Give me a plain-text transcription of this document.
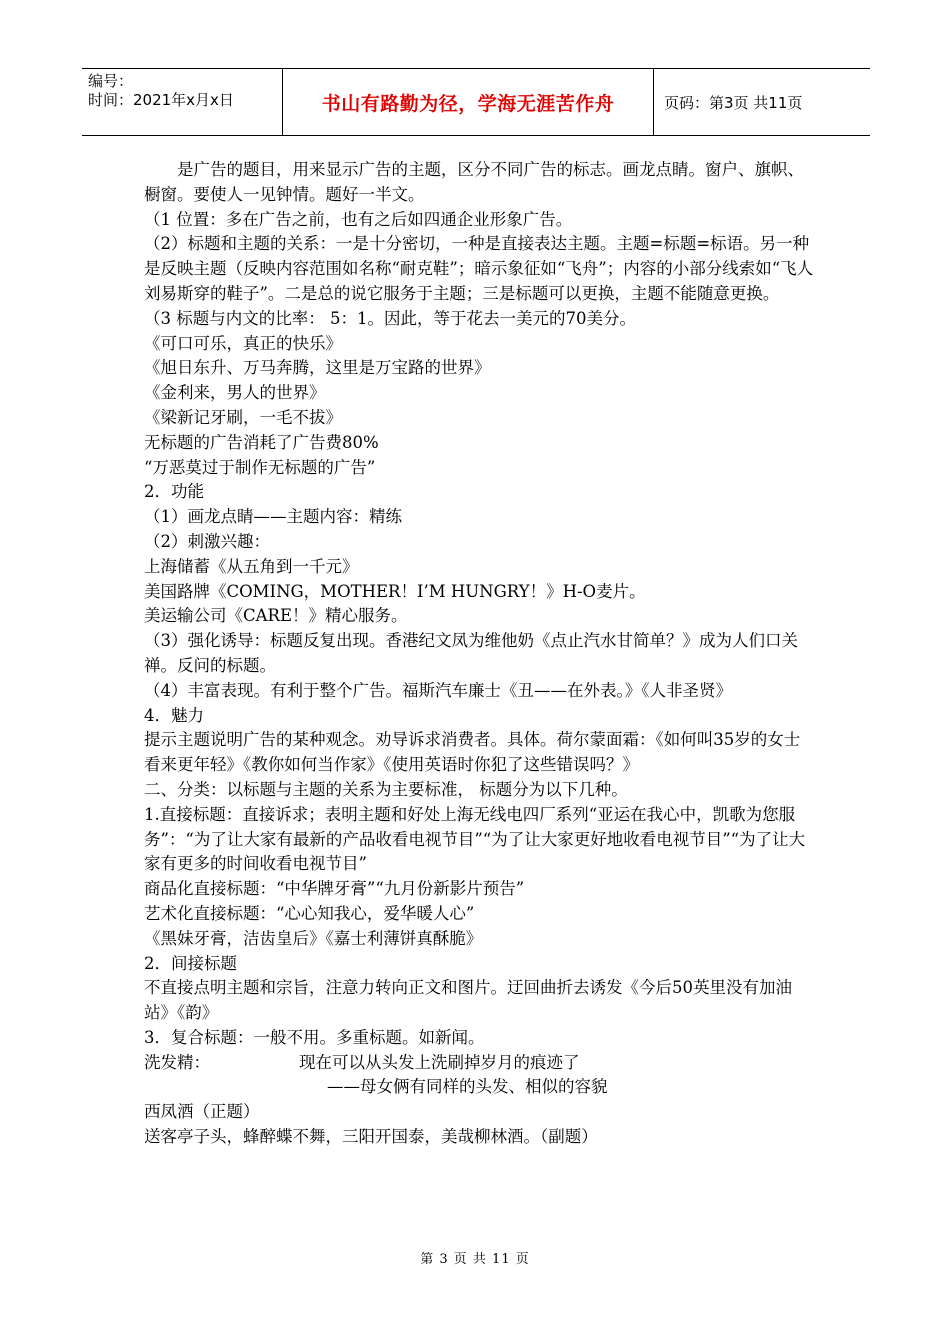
编号：
时间：2021年x月x日	书山有路勤为径，学海无涯苦作舟	页码：第3页 共11页

是广告的题目，用来显示广告的主题，区分不同广告的标志。画龙点睛。窗户、旗帜、橱窗。要使人一见钟情。题好一半文。

（1 位置：多在广告之前，也有之后如四通企业形象广告。

（2）标题和主题的关系：一是十分密切，一种是直接表达主题。主题=标题=标语。另一种是反映主题（反映内容范围如名称“耐克鞋”；暗示象征如“飞舟”；内容的小部分线索如“飞人刘易斯穿的鞋子”。二是总的说它服务于主题；三是标题可以更换，主题不能随意更换。

（3 标题与内文的比率： 5：1。因此，等于花去一美元的70美分。

《可口可乐，真正的快乐》

《旭日东升、万马奔腾，这里是万宝路的世界》

《金利来，男人的世界》

《梁新记牙刷，一毛不拔》

无标题的广告消耗了广告费80%

“万恶莫过于制作无标题的广告”

2．功能

（1）画龙点睛——主题内容：精练

（2）刺激兴趣：

上海储蓄《从五角到一千元》

美国路牌《COMING，MOTHER！I’M HUNGRY！》H-O麦片。

美运输公司《CARE！》精心服务。

（3）强化诱导：标题反复出现。香港纪文凤为维他奶《点止汽水甘简单？》成为人们口关禅。反问的标题。

（4）丰富表现。有利于整个广告。福斯汽车廉士《丑——在外表。》《人非圣贤》

4．魅力

提示主题说明广告的某种观念。劝导诉求消费者。具体。荷尔蒙面霜：《如何叫35岁的女士看来更年轻》《教你如何当作家》《使用英语时你犯了这些错误吗？》

二、分类：以标题与主题的关系为主要标准， 标题分为以下几种。

1.直接标题：直接诉求；表明主题和好处上海无线电四厂系列“亚运在我心中，凯歌为您服务”：“为了让大家有最新的产品收看电视节目”“为了让大家更好地收看电视节目”“为了让大家有更多的时间收看电视节目”

商品化直接标题：“中华牌牙膏”“九月份新影片预告”

艺术化直接标题：“心心知我心，爱华暖人心”

《黑妹牙膏，洁齿皇后》《嘉士利薄饼真酥脆》

2．间接标题

不直接点明主题和宗旨，注意力转向正文和图片。迂回曲折去诱发《今后50英里没有加油站》《韵》

3．复合标题：一般不用。多重标题。如新闻。

洗发精：	现在可以从头发上洗刷掉岁月的痕迹了

——母女俩有同样的头发、相似的容貌

西凤酒（正题）

送客亭子头，蜂醉蝶不舞，三阳开国泰，美哉柳林酒。（副题）

第 3 页 共 11 页
